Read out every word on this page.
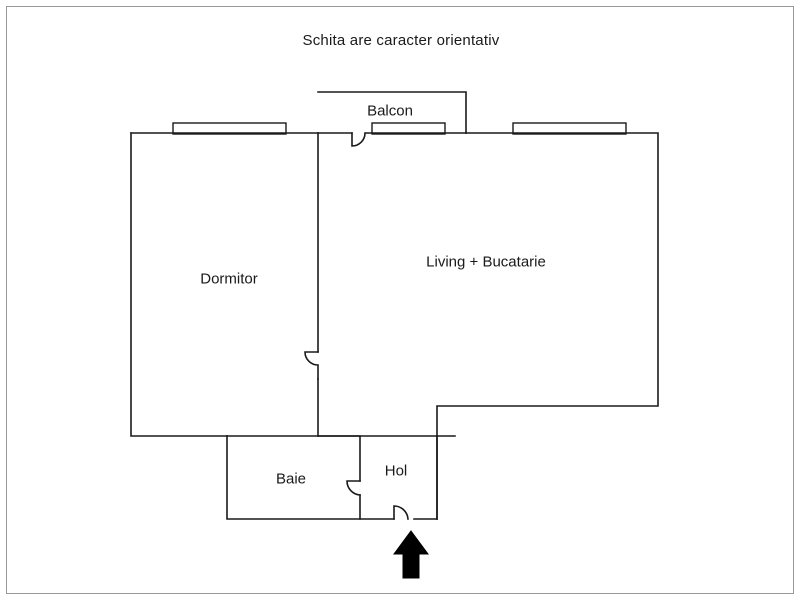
Schita are caracter orientativ
Dormitor
Living + Bucatarie
Balcon
Baie	Hol
